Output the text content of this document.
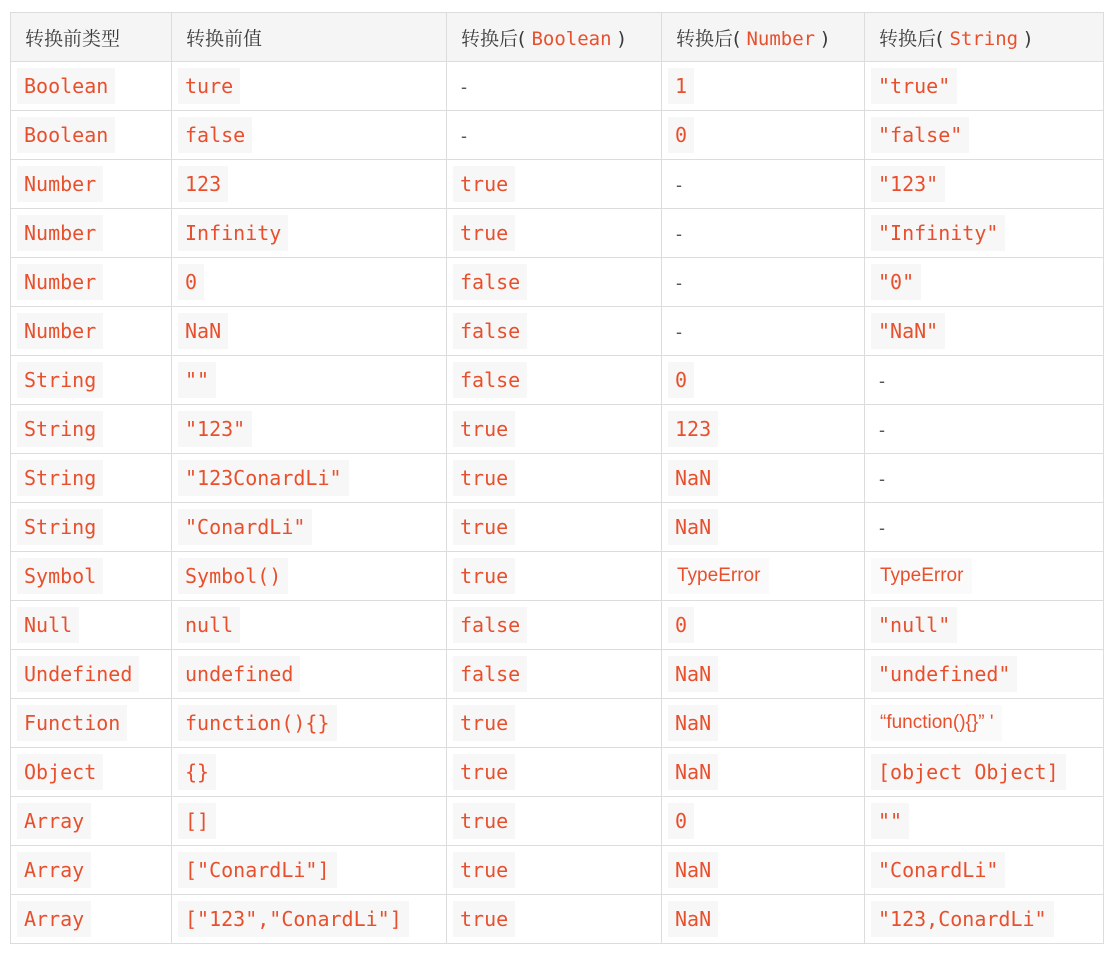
转换前类型	转换前值	转换后( Boolean )	转换后( Number )	转换后( String )
Boolean	ture	-	1	"true"
Boolean	false	-	0	"false"
Number	123	true	-	"123"
Number	Infinity	true	-	"Infinity"
Number	0	false	-	"0"
Number	NaN	false	-	"NaN"
String	""	false	0	-
String	"123"	true	123	-
String	"123ConardLi"	true	NaN	-
String	"ConardLi"	true	NaN	-
Symbol	Symbol()	true	TypeError	TypeError
Null	null	false	0	"null"
Undefined	undefined	false	NaN	"undefined"
Function	function(){}	true	NaN	“function(){}” '
Object	{}	true	NaN	[object Object]
Array	[]	true	0	""
Array	["ConardLi"]	true	NaN	"ConardLi"
Array	["123","ConardLi"]	true	NaN	"123,ConardLi"
